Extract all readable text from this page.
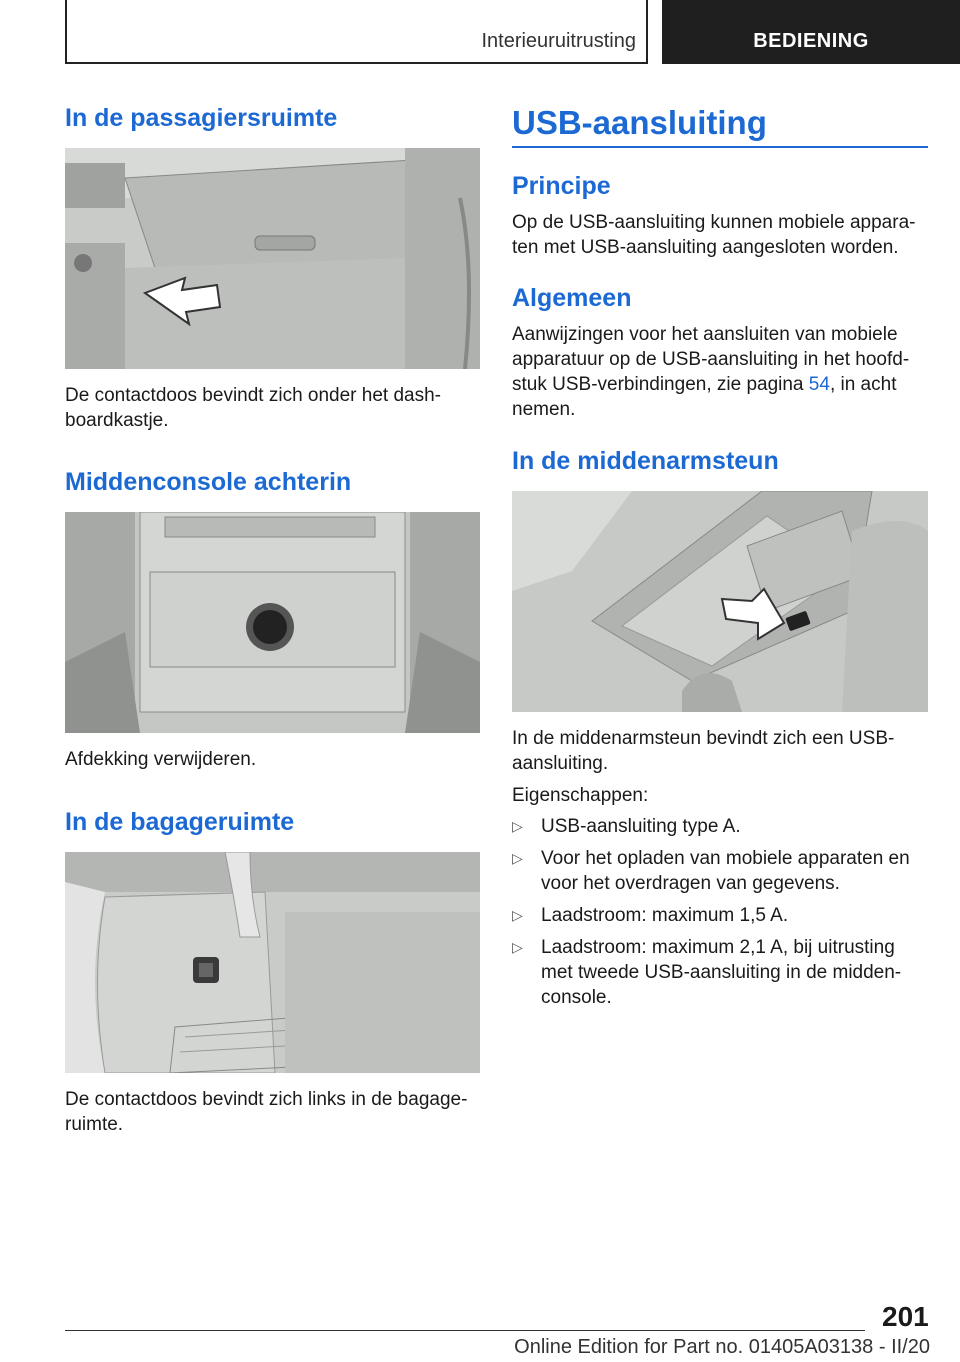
Interieuruitrusting	BEDIENING
In de passagiersruimte

De contactdoos bevindt zich onder het dash-boardkastje.

Middenconsole achterin

Afdekking verwijderen.

In de bagageruimte

De contactdoos bevindt zich links in de bagage-ruimte.

USB-aansluiting
Principe

Op de USB-aansluiting kunnen mobiele appara-ten met USB-aansluiting aangesloten worden.

Algemeen

Aanwijzingen voor het aansluiten van mobiele apparatuur op de USB-aansluiting in het hoofd-stuk USB-verbindingen, zie pagina 54, in acht nemen.

In de middenarmsteun

In de middenarmsteun bevindt zich een USB-aansluiting.

Eigenschappen:

▷ USB-aansluiting type A.
▷ Voor het opladen van mobiele apparaten en voor het overdragen van gegevens.
▷ Laadstroom: maximum 1,5 A.
▷ Laadstroom: maximum 2,1 A, bij uitrusting met tweede USB-aansluiting in de midden-console.
201
Online Edition for Part no. 01405A03138 - II/20
